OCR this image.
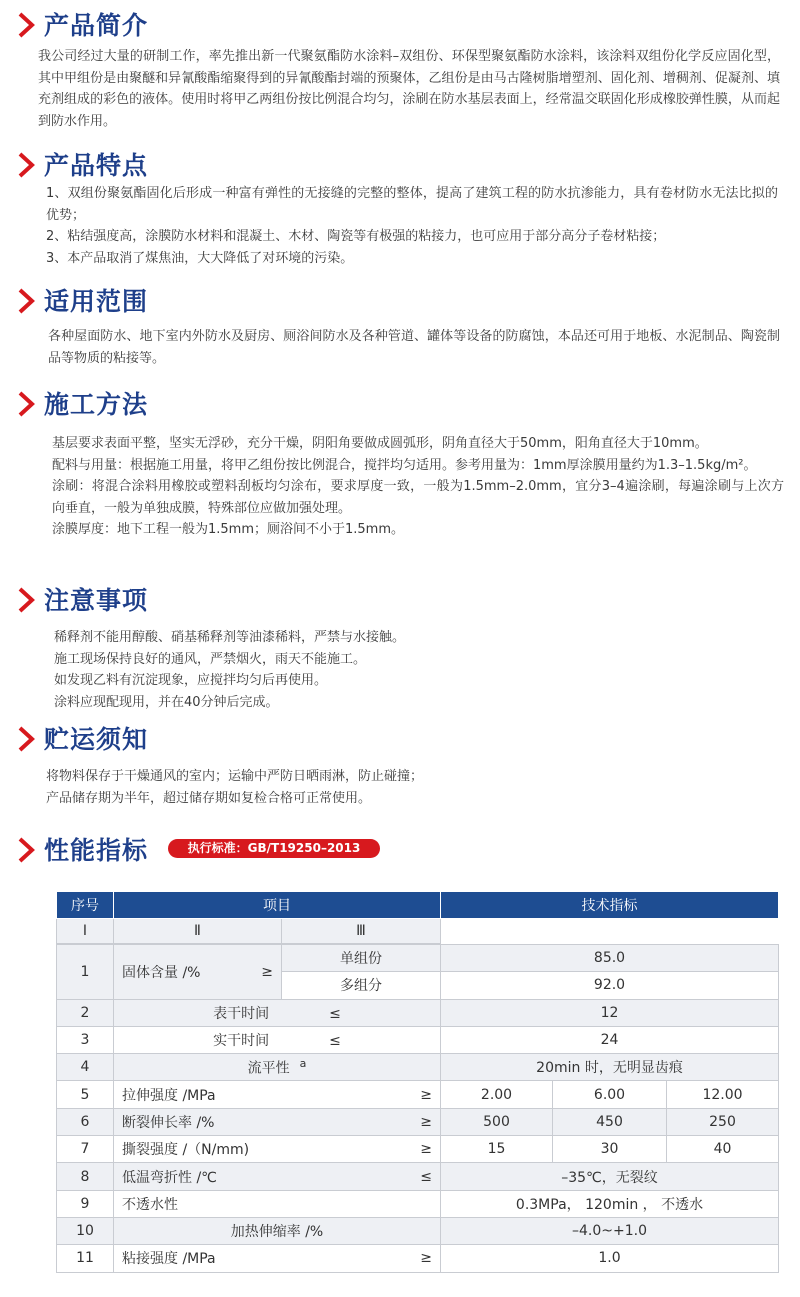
产品简介

我公司经过大量的研制工作，率先推出新一代聚氨酯防水涂料–双组份、环保型聚氨酯防水涂料，该涂料双组份化学反应固化型，其中甲组份是由聚醚和异氰酸酯缩聚得到的异氰酸酯封端的预聚体，乙组份是由马古隆树脂增塑剂、固化剂、增稠剂、促凝剂、填充剂组成的彩色的液体。使用时将甲乙两组份按比例混合均匀，涂刷在防水基层表面上，经常温交联固化形成橡胶弹性膜，从而起到防水作用。

产品特点

1、双组份聚氨酯固化后形成一种富有弹性的无接缝的完整的整体，提高了建筑工程的防水抗渗能力，具有卷材防水无法比拟的优势；

2、粘结强度高，涂膜防水材料和混凝土、木材、陶瓷等有极强的粘接力，也可应用于部分高分子卷材粘接；

3、本产品取消了煤焦油，大大降低了对环境的污染。

适用范围

各种屋面防水、地下室内外防水及厨房、厕浴间防水及各种管道、罐体等设备的防腐蚀，本品还可用于地板、水泥制品、陶瓷制品等物质的粘接等。

施工方法

基层要求表面平整，坚实无浮砂，充分干燥，阴阳角要做成圆弧形，阴角直径大于50mm，阳角直径大于10mm。

配料与用量：根据施工用量，将甲乙组份按比例混合，搅拌均匀适用。参考用量为：1mm厚涂膜用量约为1.3–1.5kg/m²。

涂刷：将混合涂料用橡胶或塑料刮板均匀涂布，要求厚度一致，一般为1.5mm–2.0mm，宜分3–4遍涂刷，每遍涂刷与上次方向垂直，一般为单独成膜，特殊部位应做加强处理。

涂膜厚度：地下工程一般为1.5mm；厕浴间不小于1.5mm。

注意事项

稀释剂不能用醇酸、硝基稀释剂等油漆稀料，严禁与水接触。

施工现场保持良好的通风，严禁烟火，雨天不能施工。

如发现乙料有沉淀现象，应搅拌均匀后再使用。

涂料应现配现用，并在40分钟后完成。

贮运须知

将物料保存于干燥通风的室内；运输中严防日晒雨淋，防止碰撞；

产品储存期为半年，超过储存期如复检合格可正常使用。

性能指标	执行标准：GB/T19250–2013
序号	项目		技术指标
Ⅰ	Ⅱ	Ⅲ	
1	固体含量 /% ≥	单组份	85.0		
		多组分	92.0		
2	表干时间 ≤		12		
3	实干时间 ≤		24		
4	流平性 $^a$		20min 时，无明显齿痕		
5	拉伸强度 /MPa ≥		2.00	6.00	12.00
6	断裂伸长率 /% ≥		500	450	250
7	撕裂强度 /（N/mm) ≥		15	30	40
8	低温弯折性 /℃ ≤		–35℃，无裂纹		
9	不透水性		0.3MPa， 120min ， 不透水		
10	加热伸缩率 /%		–4.0~+1.0		
11	粘接强度 /MPa ≥		1.0		
